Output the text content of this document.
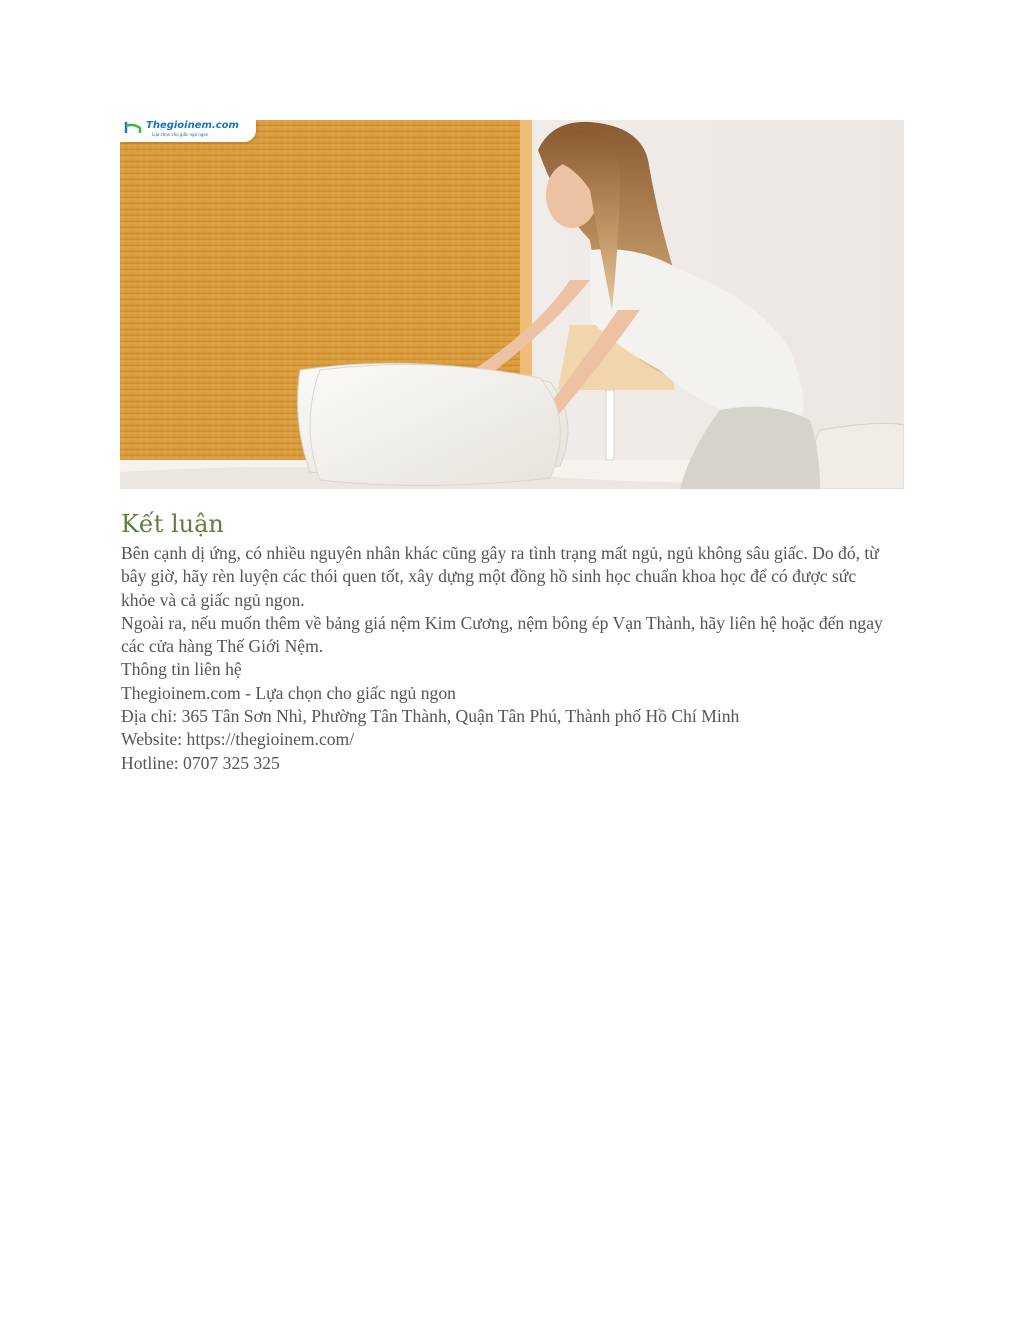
Thegioinem.com
Lựa chọn cho giấc ngủ ngon
Kết luận

Bên cạnh dị ứng, có nhiều nguyên nhân khác cũng gây ra tình trạng mất ngủ, ngủ không sâu giấc. Do đó, từ bây giờ, hãy rèn luyện các thói quen tốt, xây dựng một đồng hồ sinh học chuẩn khoa học để có được sức khỏe và cả giấc ngủ ngon.

Ngoài ra, nếu muốn thêm về bảng giá nệm Kim Cương, nệm bông ép Vạn Thành, hãy liên hệ hoặc đến ngay các cửa hàng Thế Giới Nệm.

Thông tin liên hệ

Thegioinem.com - Lựa chọn cho giấc ngủ ngon

Địa chỉ: 365 Tân Sơn Nhì, Phường Tân Thành, Quận Tân Phú, Thành phố Hồ Chí Minh

Website: https://thegioinem.com/

Hotline: 0707 325 325
